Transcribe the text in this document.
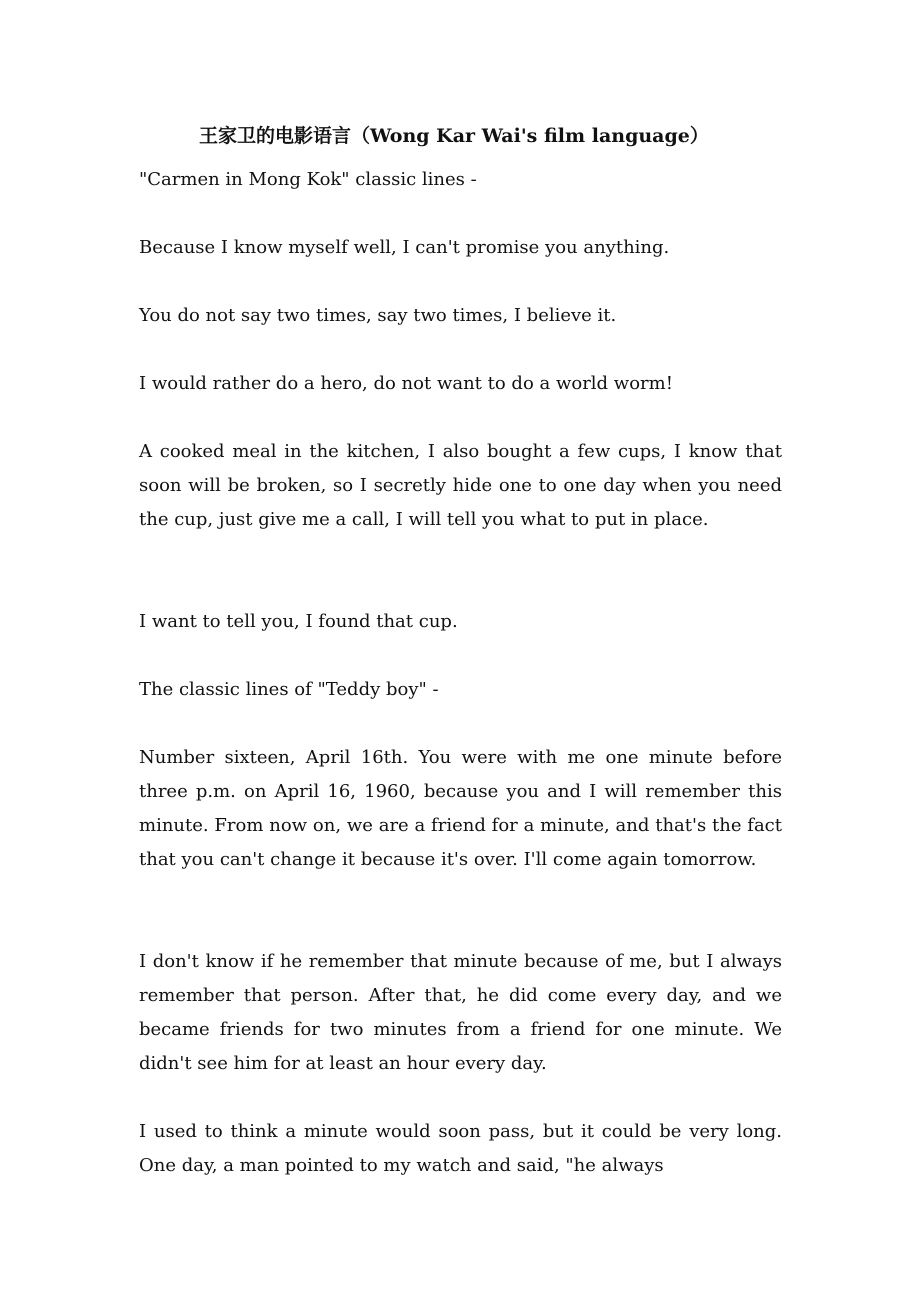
王家卫的电影语言（Wong Kar Wai's film language）

"Carmen in Mong Kok" classic lines -

Because I know myself well, I can't promise you anything.

You do not say two times, say two times, I believe it.

I would rather do a hero, do not want to do a world worm!

A cooked meal in the kitchen, I also bought a few cups, I know that soon will be broken, so I secretly hide one to one day when you need the cup, just give me a call, I will tell you what to put in place.

I want to tell you, I found that cup.

The classic lines of "Teddy boy" -

Number sixteen, April 16th. You were with me one minute before three p.m. on April 16, 1960, because you and I will remember this minute. From now on, we are a friend for a minute, and that's the fact that you can't change it because it's over. I'll come again tomorrow.

I don't know if he remember that minute because of me, but I always remember that person. After that, he did come every day, and we became friends for two minutes from a friend for one minute. We didn't see him for at least an hour every day.

I used to think a minute would soon pass, but it could be very long. One day, a man pointed to my watch and said, "he always
